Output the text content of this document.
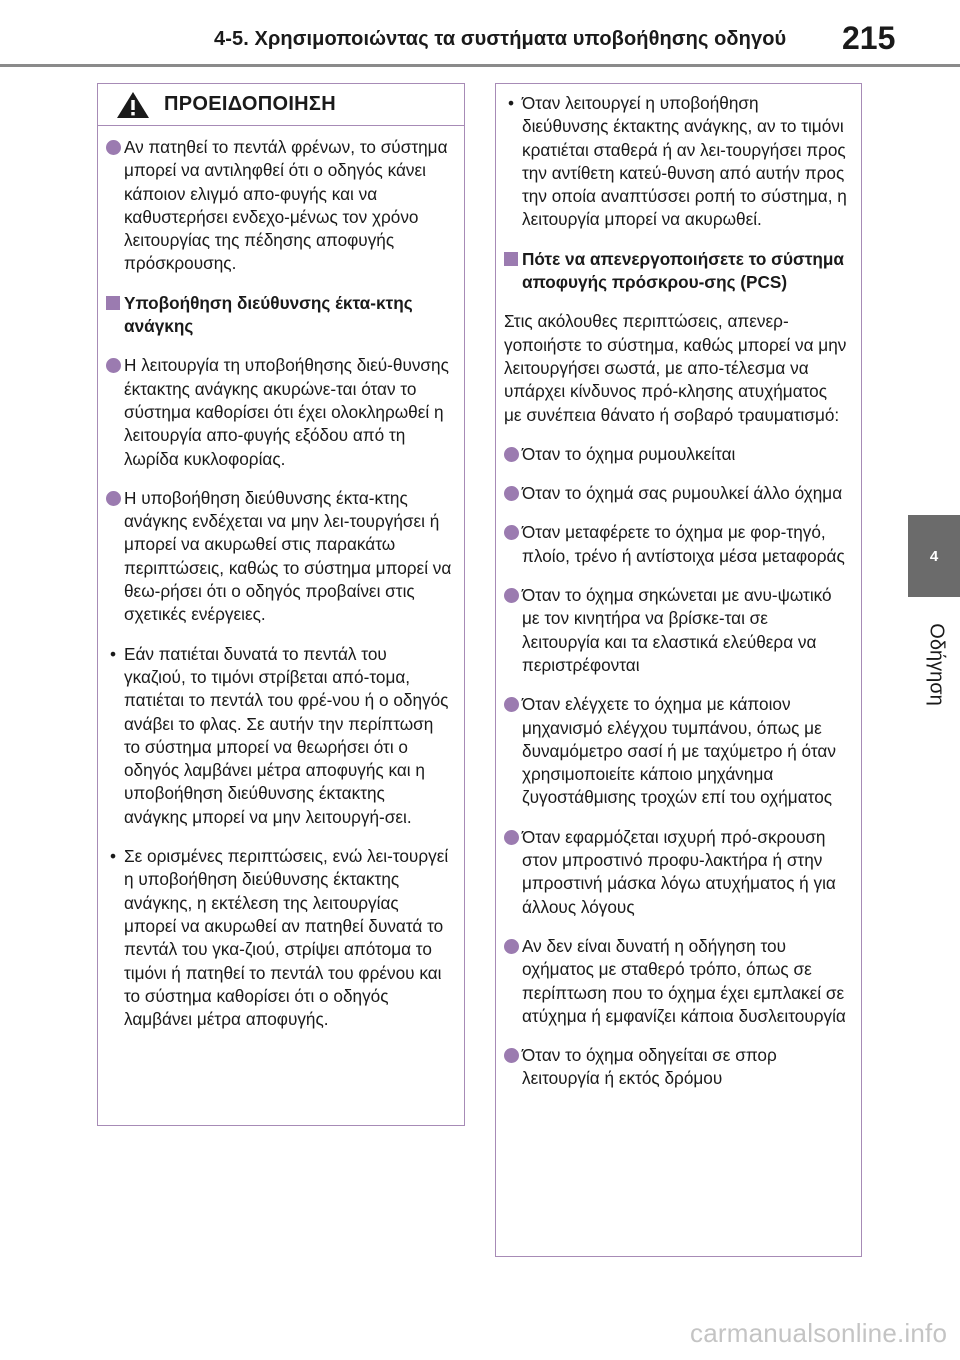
4-5. Χρησιμοποιώντας τα συστήματα υποβοήθησης οδηγού 215
4
Οδήγηση
ΠΡΟΕΙΔΟΠΟΙΗΣΗ
Αν πατηθεί το πεντάλ φρένων, το σύστημα μπορεί να αντιληφθεί ότι ο οδηγός κάνει κάποιον ελιγμό απο-φυγής και να καθυστερήσει ενδεχο-μένως τον χρόνο λειτουργίας της πέδησης αποφυγής πρόσκρουσης.
Υποβοήθηση διεύθυνσης έκτα-κτης ανάγκης
Η λειτουργία τη υποβοήθησης διεύ-θυνσης έκτακτης ανάγκης ακυρώνε-ται όταν το σύστημα καθορίσει ότι έχει ολοκληρωθεί η λειτουργία απο-φυγής εξόδου από τη λωρίδα κυκλοφορίας.
Η υποβοήθηση διεύθυνσης έκτα-κτης ανάγκης ενδέχεται να μην λει-τουργήσει ή μπορεί να ακυρωθεί στις παρακάτω περιπτώσεις, καθώς το σύστημα μπορεί να θεω-ρήσει ότι ο οδηγός προβαίνει στις σχετικές ενέργειες.
• Εάν πατιέται δυνατά το πεντάλ του γκαζιού, το τιμόνι στρίβεται από-τομα, πατιέται το πεντάλ του φρέ-νου ή ο οδηγός ανάβει το φλας. Σε αυτήν την περίπτωση το σύστημα μπορεί να θεωρήσει ότι ο οδηγός λαμβάνει μέτρα αποφυγής και η υποβοήθηση διεύθυνσης έκτακτης ανάγκης μπορεί να μην λειτουργή-σει.
• Σε ορισμένες περιπτώσεις, ενώ λει-τουργεί η υποβοήθηση διεύθυνσης έκτακτης ανάγκης, η εκτέλεση της λειτουργίας μπορεί να ακυρωθεί αν πατηθεί δυνατά το πεντάλ του γκα-ζιού, στρίψει απότομα το τιμόνι ή πατηθεί το πεντάλ του φρένου και το σύστημα καθορίσει ότι ο οδηγός λαμβάνει μέτρα αποφυγής.
• Όταν λειτουργεί η υποβοήθηση διεύθυνσης έκτακτης ανάγκης, αν το τιμόνι κρατιέται σταθερά ή αν λει-τουργήσει προς την αντίθετη κατεύ-θυνση από αυτήν προς την οποία αναπτύσσει ροπή το σύστημα, η λειτουργία μπορεί να ακυρωθεί.
Πότε να απενεργοποιήσετε το σύστημα αποφυγής πρόσκρου-σης (PCS)
Στις ακόλουθες περιπτώσεις, απενερ-γοποιήστε το σύστημα, καθώς μπορεί να μην λειτουργήσει σωστά, με απο-τέλεσμα να υπάρχει κίνδυνος πρό-κλησης ατυχήματος με συνέπεια θάνατο ή σοβαρό τραυματισμό:
Όταν το όχημα ρυμουλκείται
Όταν το όχημά σας ρυμουλκεί άλλο όχημα
Όταν μεταφέρετε το όχημα με φορ-τηγό, πλοίο, τρένο ή αντίστοιχα μέσα μεταφοράς
Όταν το όχημα σηκώνεται με ανυ-ψωτικό με τον κινητήρα να βρίσκε-ται σε λειτουργία και τα ελαστικά ελεύθερα να περιστρέφονται
Όταν ελέγχετε το όχημα με κάποιον μηχανισμό ελέγχου τυμπάνου, όπως με δυναμόμετρο σασί ή με ταχύμετρο ή όταν χρησιμοποιείτε κάποιο μηχάνημα ζυγοστάθμισης τροχών επί του οχήματος
Όταν εφαρμόζεται ισχυρή πρό-σκρουση στον μπροστινό προφυ-λακτήρα ή στην μπροστινή μάσκα λόγω ατυχήματος ή για άλλους λόγους
Αν δεν είναι δυνατή η οδήγηση του οχήματος με σταθερό τρόπο, όπως σε περίπτωση που το όχημα έχει εμπλακεί σε ατύχημα ή εμφανίζει κάποια δυσλειτουργία
Όταν το όχημα οδηγείται σε σπορ λειτουργία ή εκτός δρόμου
carmanualsonline.info
